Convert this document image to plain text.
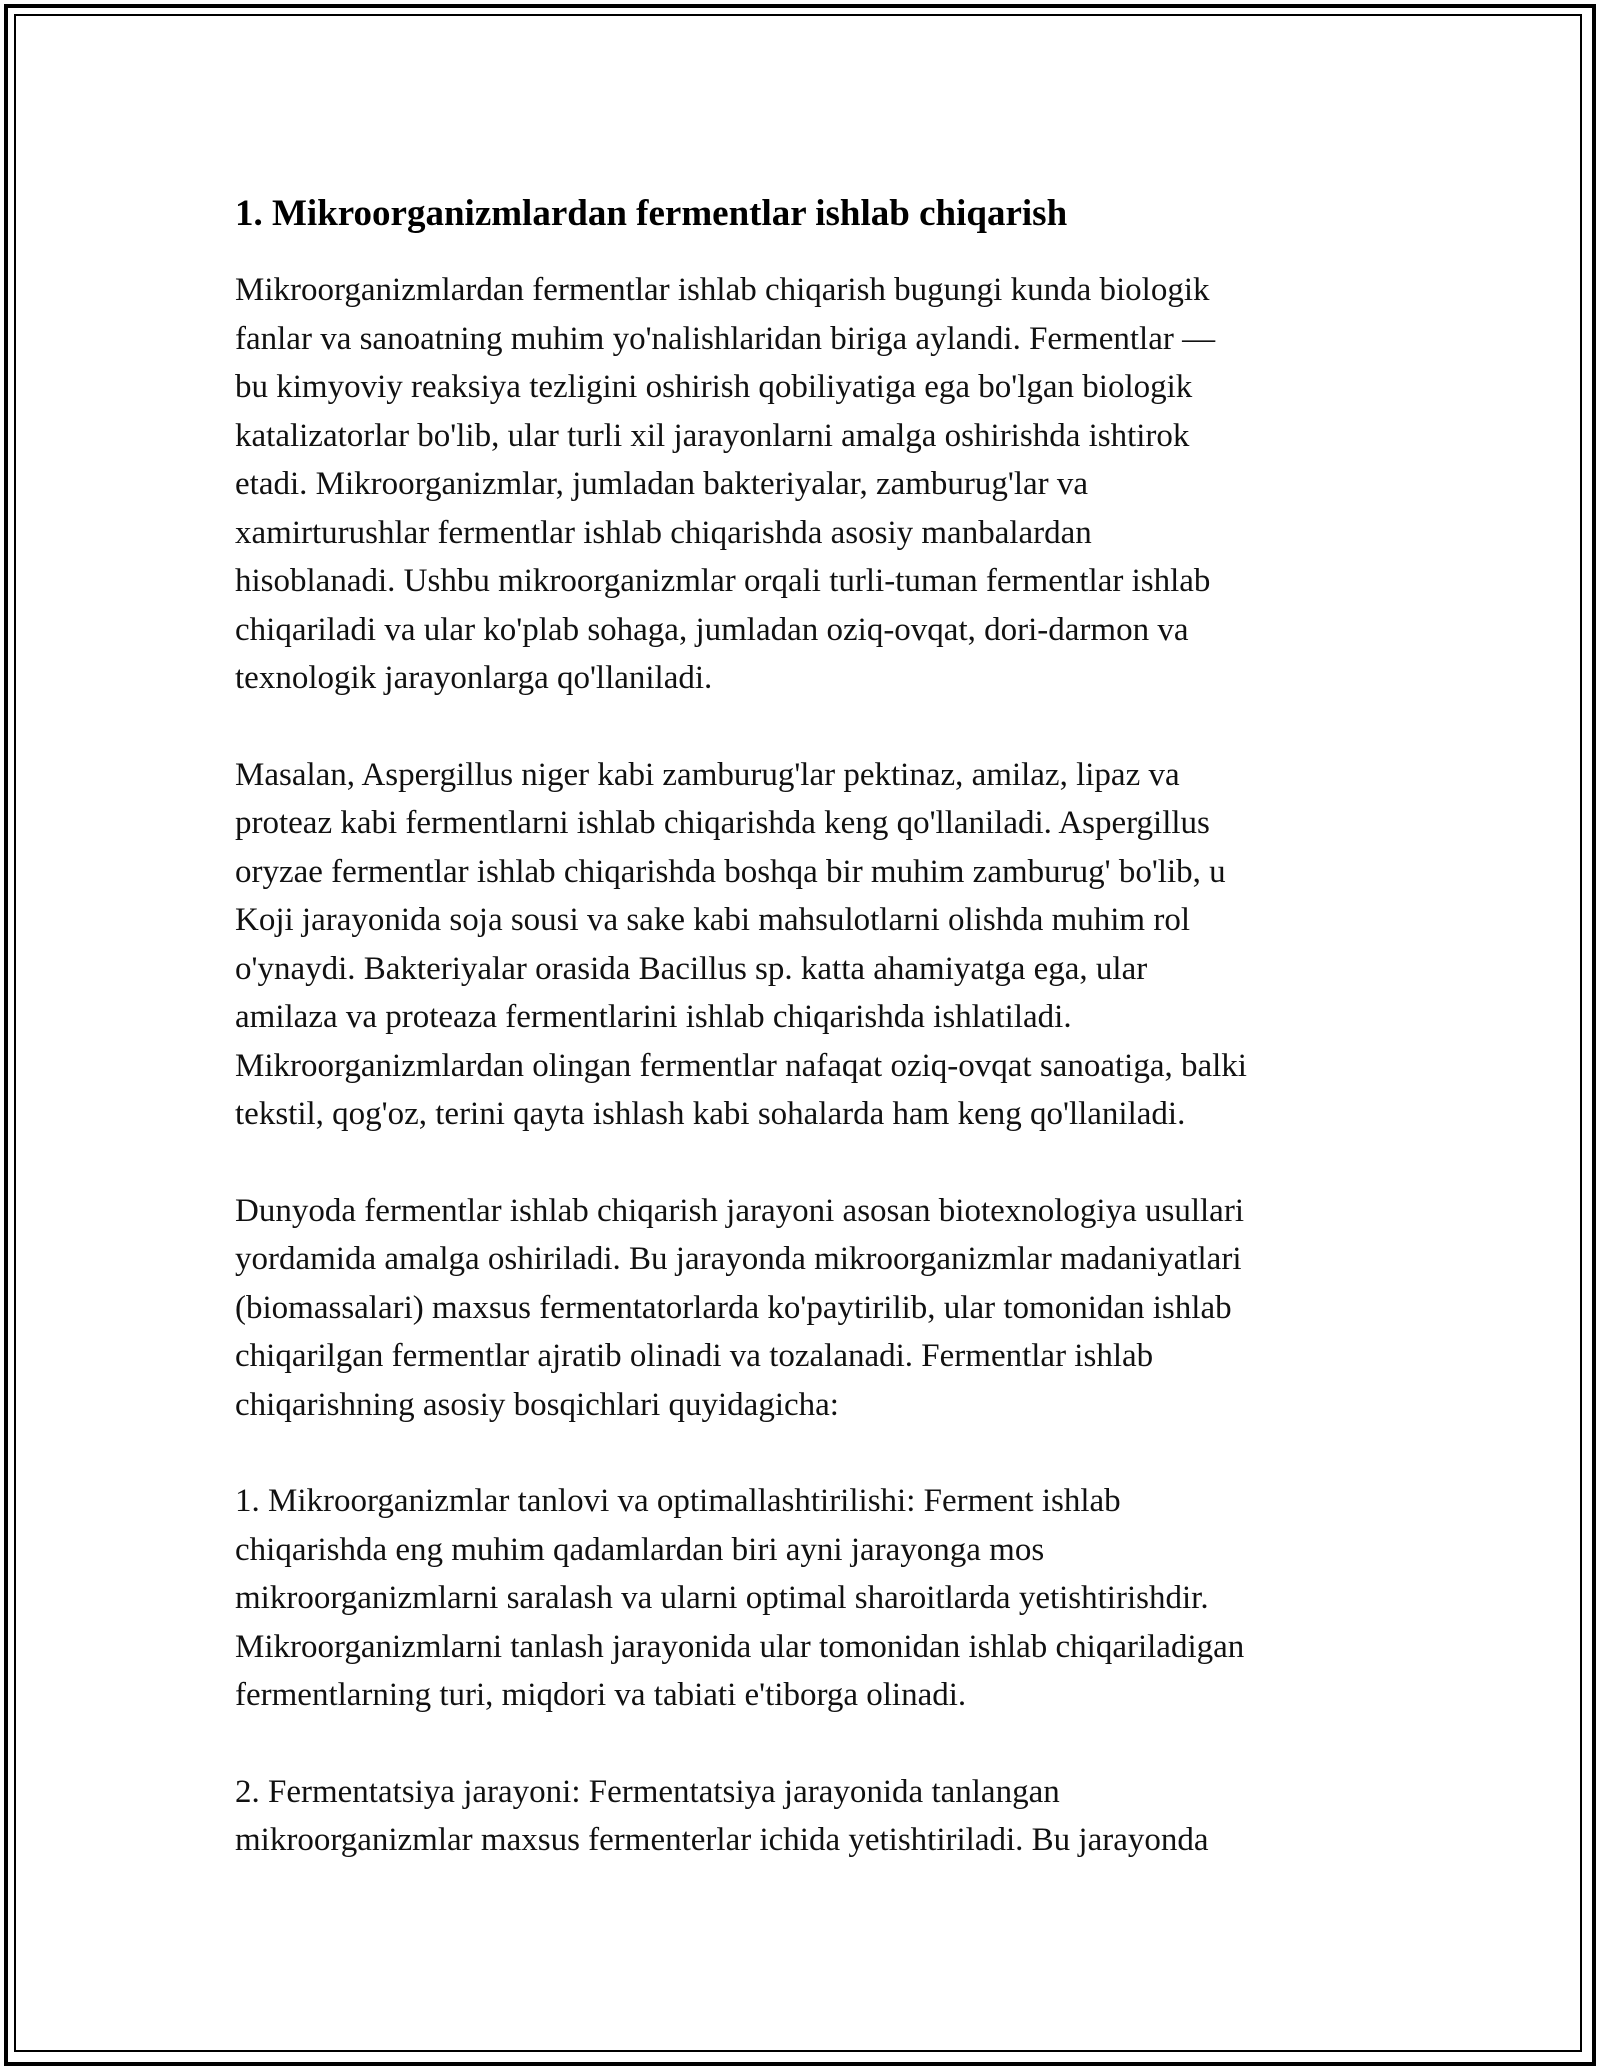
1. Mikroorganizmlardan fermentlar ishlab chiqarish

Mikroorganizmlardan fermentlar ishlab chiqarish bugungi kunda biologik
fanlar va sanoatning muhim yo'nalishlaridan biriga aylandi. Fermentlar —
bu kimyoviy reaksiya tezligini oshirish qobiliyatiga ega bo'lgan biologik
katalizatorlar bo'lib, ular turli xil jarayonlarni amalga oshirishda ishtirok
etadi. Mikroorganizmlar, jumladan bakteriyalar, zamburug'lar va
xamirturushlar fermentlar ishlab chiqarishda asosiy manbalardan
hisoblanadi. Ushbu mikroorganizmlar orqali turli-tuman fermentlar ishlab
chiqariladi va ular ko'plab sohaga, jumladan oziq-ovqat, dori-darmon va
texnologik jarayonlarga qo'llaniladi.

Masalan, Aspergillus niger kabi zamburug'lar pektinaz, amilaz, lipaz va
proteaz kabi fermentlarni ishlab chiqarishda keng qo'llaniladi. Aspergillus
oryzae fermentlar ishlab chiqarishda boshqa bir muhim zamburug' bo'lib, u
Koji jarayonida soja sousi va sake kabi mahsulotlarni olishda muhim rol
o'ynaydi. Bakteriyalar orasida Bacillus sp. katta ahamiyatga ega, ular
amilaza va proteaza fermentlarini ishlab chiqarishda ishlatiladi.
Mikroorganizmlardan olingan fermentlar nafaqat oziq-ovqat sanoatiga, balki
tekstil, qog'oz, terini qayta ishlash kabi sohalarda ham keng qo'llaniladi.

Dunyoda fermentlar ishlab chiqarish jarayoni asosan biotexnologiya usullari
yordamida amalga oshiriladi. Bu jarayonda mikroorganizmlar madaniyatlari
(biomassalari) maxsus fermentatorlarda ko'paytirilib, ular tomonidan ishlab
chiqarilgan fermentlar ajratib olinadi va tozalanadi. Fermentlar ishlab
chiqarishning asosiy bosqichlari quyidagicha:

1. Mikroorganizmlar tanlovi va optimallashtirilishi: Ferment ishlab
chiqarishda eng muhim qadamlardan biri ayni jarayonga mos
mikroorganizmlarni saralash va ularni optimal sharoitlarda yetishtirishdir.
Mikroorganizmlarni tanlash jarayonida ular tomonidan ishlab chiqariladigan
fermentlarning turi, miqdori va tabiati e'tiborga olinadi.

2. Fermentatsiya jarayoni: Fermentatsiya jarayonida tanlangan
mikroorganizmlar maxsus fermenterlar ichida yetishtiriladi. Bu jarayonda
